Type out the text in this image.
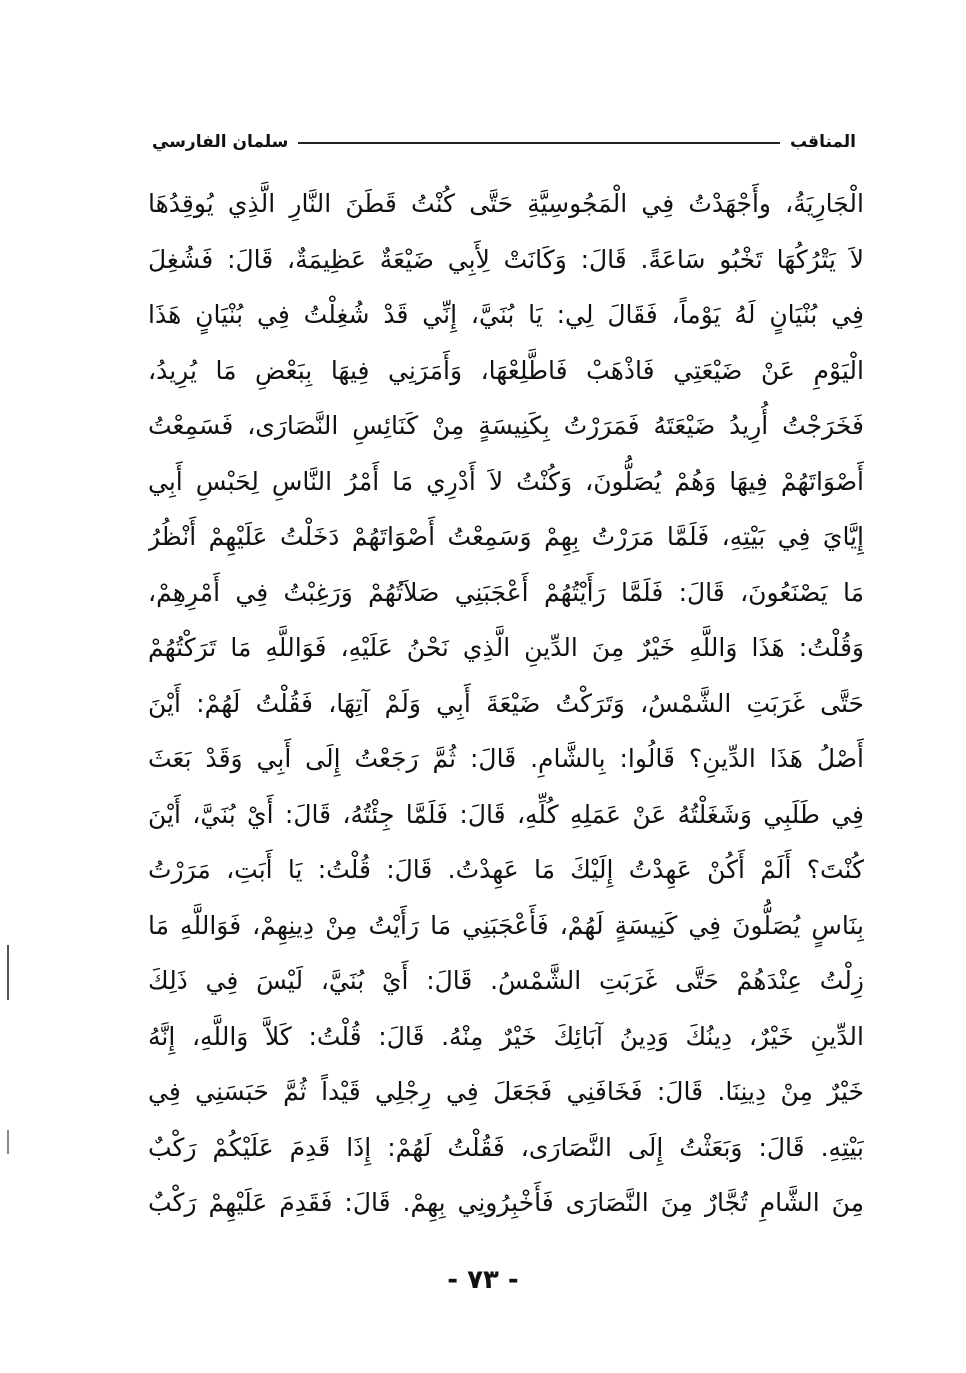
المناقب
سلمان الفارسي
الْجَارِيَةُ، وأَجْهَدْتُ فِي الْمَجُوسِيَّةِ حَتَّى كُنْتُ قَطَنَ النَّارِ الَّذِي يُوقِدُهَا
لاَ يَتْرُكُهَا تَخْبُو سَاعَةً. قَالَ: وَكَانَتْ لِأَبِي ضَيْعَةٌ عَظِيمَةٌ، قَالَ: فَشُغِلَ
فِي بُنْيَانٍ لَهُ يَوْماً، فَقَالَ لِي: يَا بُنَيَّ، إِنِّي قَدْ شُغِلْتُ فِي بُنْيَانٍ هَذَا
الْيَوْمِ عَنْ ضَيْعَتِي فَاذْهَبْ فَاطَّلِعْهَا، وَأَمَرَنِي فِيهَا بِبَعْضِ مَا يُرِيدُ،
فَخَرَجْتُ أُرِيدُ ضَيْعَتَهُ فَمَرَرْتُ بِكَنِيسَةٍ مِنْ كَنَائِسِ النَّصَارَى، فَسَمِعْتُ
أَصْوَاتَهُمْ فِيهَا وَهُمْ يُصَلُّونَ، وَكُنْتُ لاَ أَدْرِي مَا أَمْرُ النَّاسِ لِحَبْسِ أَبِي
إِيَّايَ فِي بَيْتِهِ، فَلَمَّا مَرَرْتُ بِهِمْ وَسَمِعْتُ أَصْوَاتَهُمْ دَخَلْتُ عَلَيْهِمْ أَنْظُرُ
مَا يَصْنَعُونَ، قَالَ: فَلَمَّا رَأَيْتُهُمْ أَعْجَبَنِي صَلاَتُهُمْ وَرَغِبْتُ فِي أَمْرِهِمْ،
وَقُلْتُ: هَذَا وَاللَّهِ خَيْرٌ مِنَ الدِّينِ الَّذِي نَحْنُ عَلَيْهِ، فَوَاللَّهِ مَا تَرَكْتُهُمْ
حَتَّى غَرَبَتِ الشَّمْسُ، وَتَرَكْتُ ضَيْعَةَ أَبِي وَلَمْ آتِهَا، فَقُلْتُ لَهُمْ: أَيْنَ
أَصْلُ هَذَا الدِّينِ؟ قَالُوا: بِالشَّامِ. قَالَ: ثُمَّ رَجَعْتُ إِلَى أَبِي وَقَدْ بَعَثَ
فِي طَلَبِي وَشَغَلْتُهُ عَنْ عَمَلِهِ كُلِّهِ، قَالَ: فَلَمَّا جِئْتُهُ، قَالَ: أَيْ بُنَيَّ، أَيْنَ
كُنْتَ؟ أَلَمْ أَكُنْ عَهِدْتُ إِلَيْكَ مَا عَهِدْتُ. قَالَ: قُلْتُ: يَا أَبَتِ، مَرَرْتُ
بِنَاسٍ يُصَلُّونَ فِي كَنِيسَةٍ لَهُمْ، فَأَعْجَبَنِي مَا رَأَيْتُ مِنْ دِينِهِمْ، فَوَاللَّهِ مَا
زِلْتُ عِنْدَهُمْ حَتَّى غَرَبَتِ الشَّمْسُ. قَالَ: أَيْ بُنَيَّ، لَيْسَ فِي ذَلِكَ
الدِّينِ خَيْرٌ، دِينُكَ وَدِينُ آبَائِكَ خَيْرٌ مِنْهُ. قَالَ: قُلْتُ: كَلاَّ وَاللَّهِ، إِنَّهُ
خَيْرٌ مِنْ دِينِنَا. قَالَ: فَخَافَنِي فَجَعَلَ فِي رِجْلِي قَيْداً ثُمَّ حَبَسَنِي فِي
بَيْتِهِ. قَالَ: وَبَعَثْتُ إِلَى النَّصَارَى، فَقُلْتُ لَهُمْ: إِذَا قَدِمَ عَلَيْكُمْ رَكْبٌ
مِنَ الشَّامِ تُجَّارٌ مِنَ النَّصَارَى فَأَخْبِرُونِي بِهِمْ. قَالَ: فَقَدِمَ عَلَيْهِمْ رَكْبٌ
- ٧٣ -
